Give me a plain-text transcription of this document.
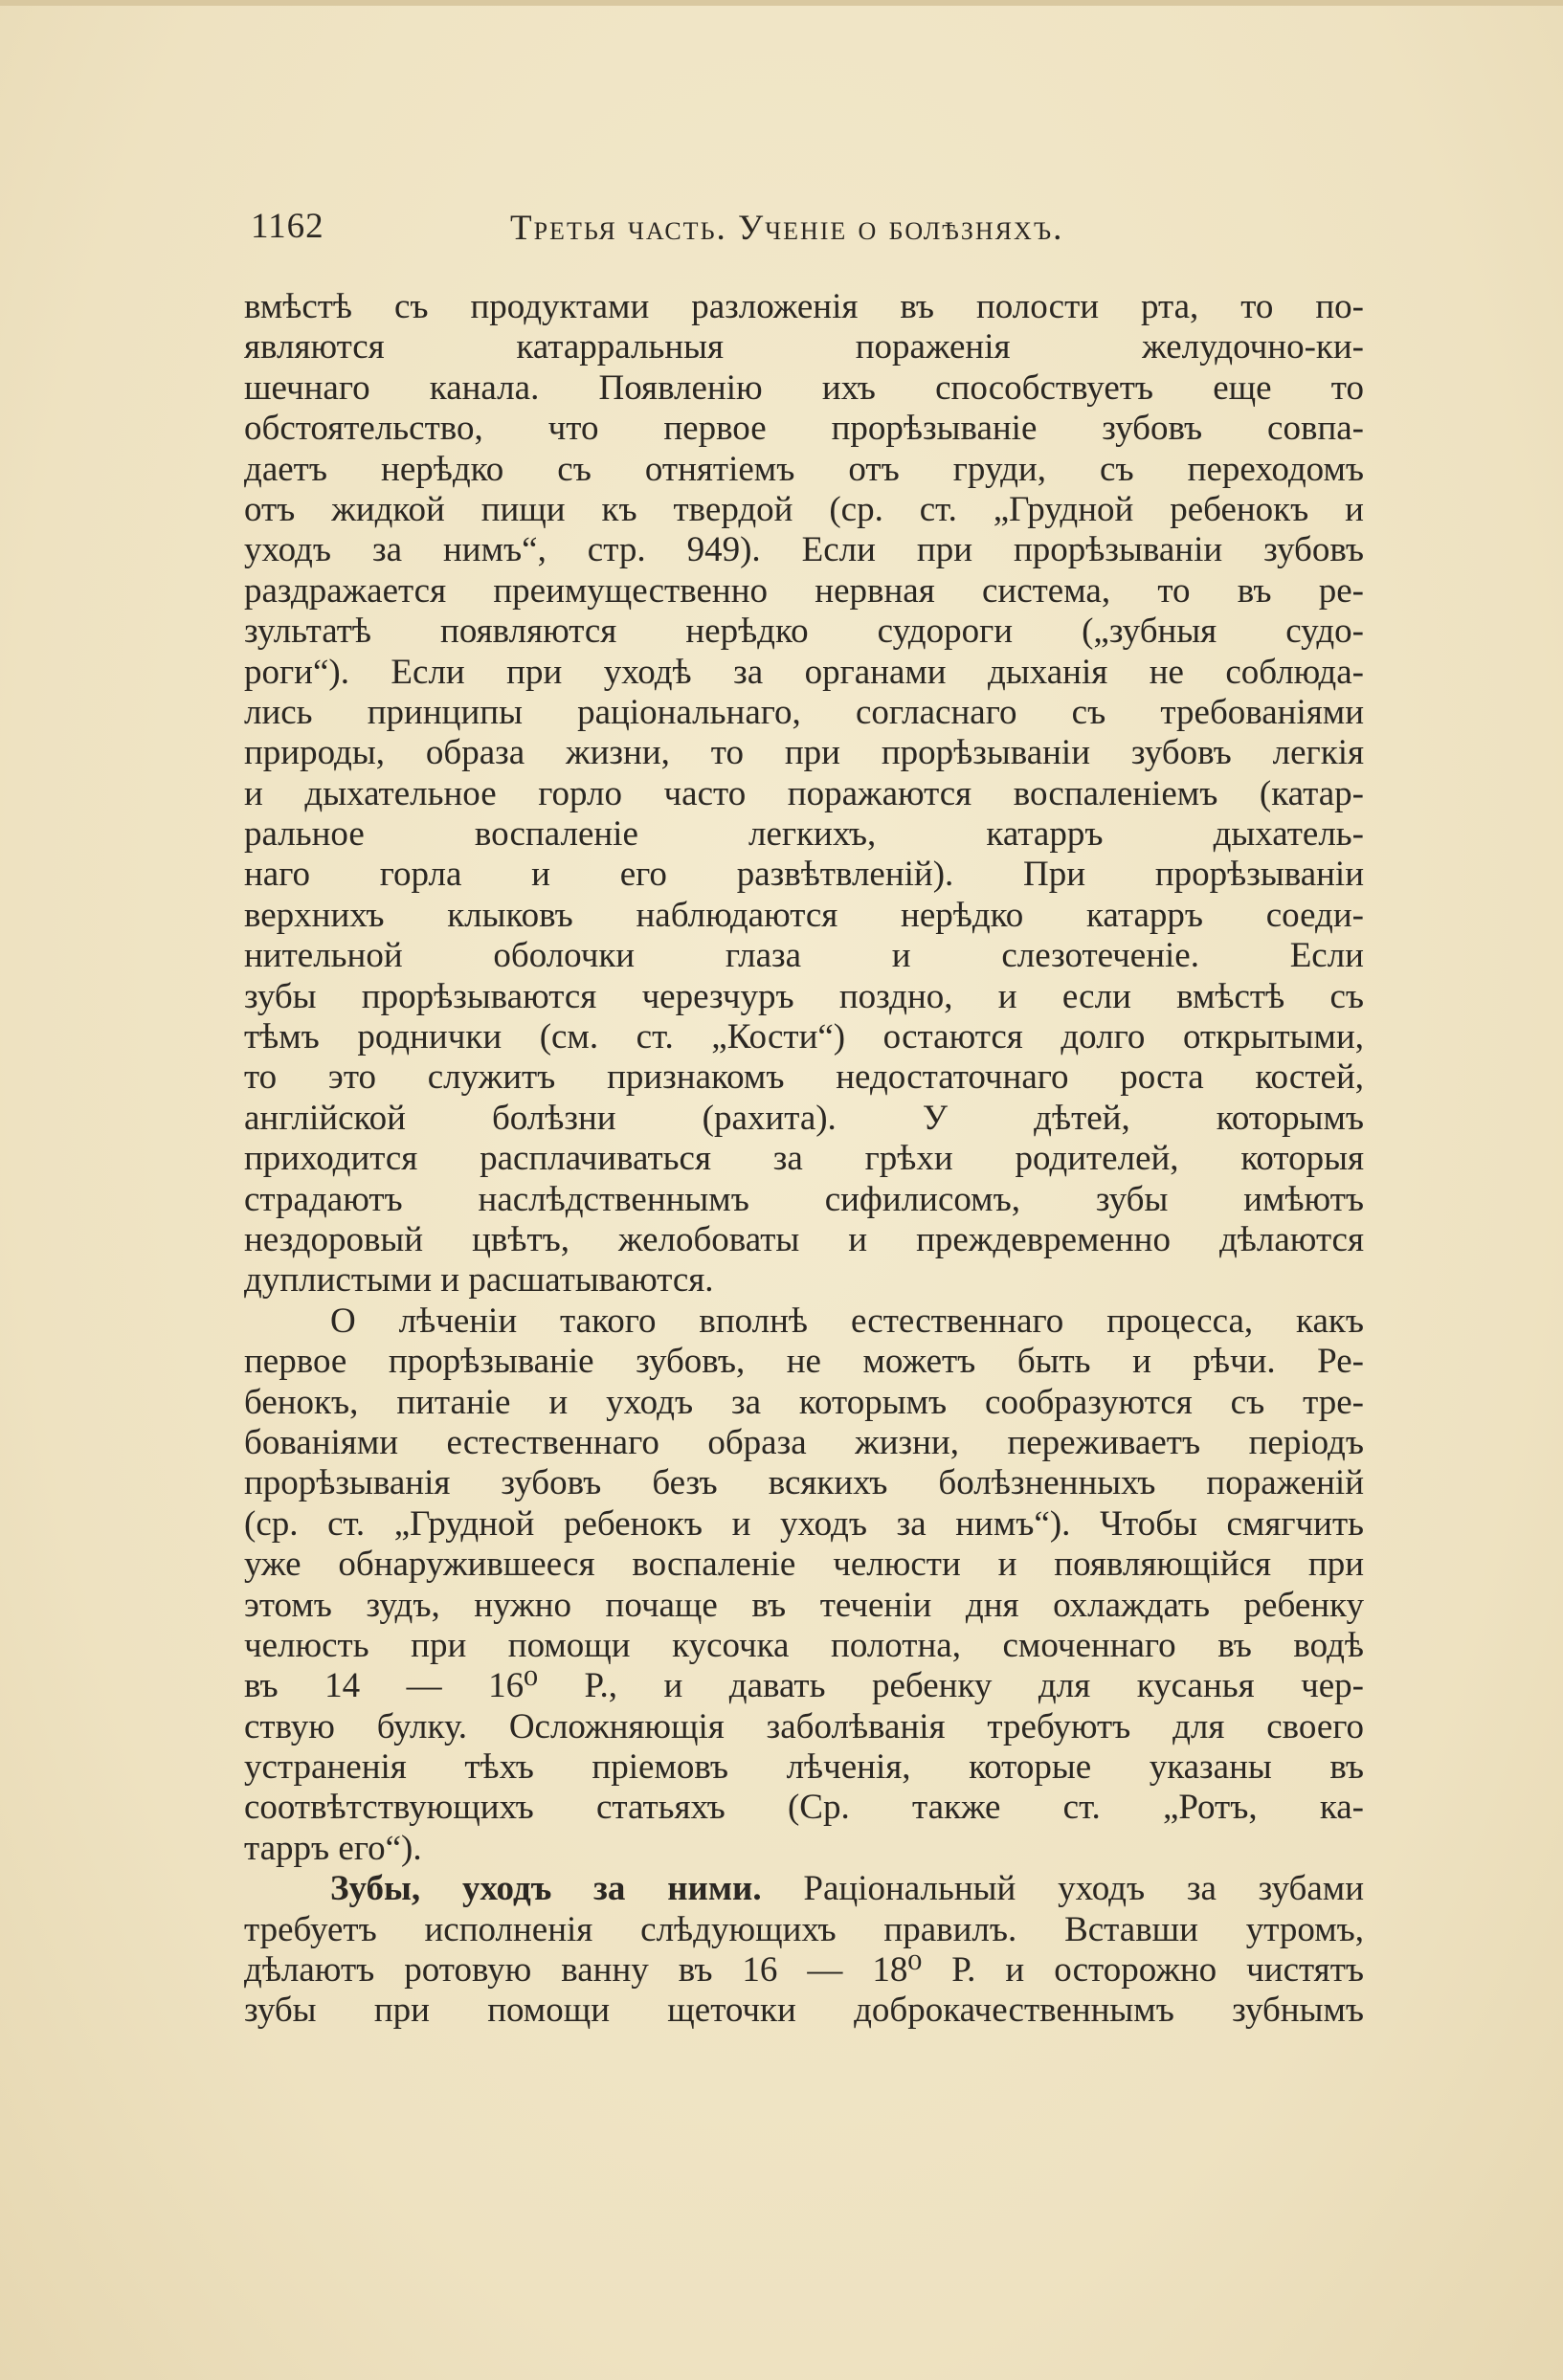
1162	Третья часть. Ученіе о болѣзняхъ.
вмѣстѣ съ продуктами разложенія въ полости рта, то по-
являются катарральныя пораженія желудочно-ки-
шечнаго канала. Появленію ихъ способствуетъ еще то
обстоятельство, что первое прорѣзываніе зубовъ совпа-
даетъ нерѣдко съ отнятіемъ отъ груди, съ переходомъ
отъ жидкой пищи къ твердой (ср. ст. „Грудной ребенокъ и
уходъ за нимъ“, стр. 949). Если при прорѣзываніи зубовъ
раздражается преимущественно нервная система, то въ ре-
зультатѣ появляются нерѣдко судороги („зубныя судо-
роги“). Если при уходѣ за органами дыханія не соблюда-
лись принципы раціональнаго, согласнаго съ требованіями
природы, образа жизни, то при прорѣзываніи зубовъ легкія
и дыхательное горло часто поражаются воспаленіемъ (катар-
ральное воспаленіе легкихъ, катарръ дыхатель-
наго горла и его развѣтвленій). При прорѣзываніи
верхнихъ клыковъ наблюдаются нерѣдко катарръ соеди-
нительной оболочки глаза и слезотеченіе. Если
зубы прорѣзываются черезчуръ поздно, и если вмѣстѣ съ
тѣмъ роднички (см. ст. „Кости“) остаются долго открытыми,
то это служитъ признакомъ недостаточнаго роста костей,
англійской болѣзни (рахита). У дѣтей, которымъ
приходится расплачиваться за грѣхи родителей, которыя
страдаютъ наслѣдственнымъ сифилисомъ, зубы имѣютъ
нездоровый цвѣтъ, желобоваты и преждевременно дѣлаются
дуплистыми и расшатываются.
О лѣченіи такого вполнѣ естественнаго процесса, какъ
первое прорѣзываніе зубовъ, не можетъ быть и рѣчи. Ре-
бенокъ, питаніе и уходъ за которымъ сообразуются съ тре-
бованіями естественнаго образа жизни, переживаетъ періодъ
прорѣзыванія зубовъ безъ всякихъ болѣзненныхъ пораженій
(ср. ст. „Грудной ребенокъ и уходъ за нимъ“). Чтобы смягчить
уже обнаружившееся воспаленіе челюсти и появляющійся при
этомъ зудъ, нужно почаще въ теченіи дня охлаждать ребенку
челюсть при помощи кусочка полотна, смоченнаго въ водѣ
въ 14 — 16⁰ Р., и давать ребенку для кусанья чер-
ствую булку. Осложняющія заболѣванія требуютъ для своего
устраненія тѣхъ пріемовъ лѣченія, которые указаны въ
соотвѣтствующихъ статьяхъ (Ср. также ст. „Ротъ, ка-
тарръ его“).
Зубы, уходъ за ними. Раціональный уходъ за зубами
требуетъ исполненія слѣдующихъ правилъ. Вставши утромъ,
дѣлаютъ ротовую ванну въ 16 — 18⁰ Р. и осторожно чистятъ
зубы при помощи щеточки доброкачественнымъ зубнымъ
